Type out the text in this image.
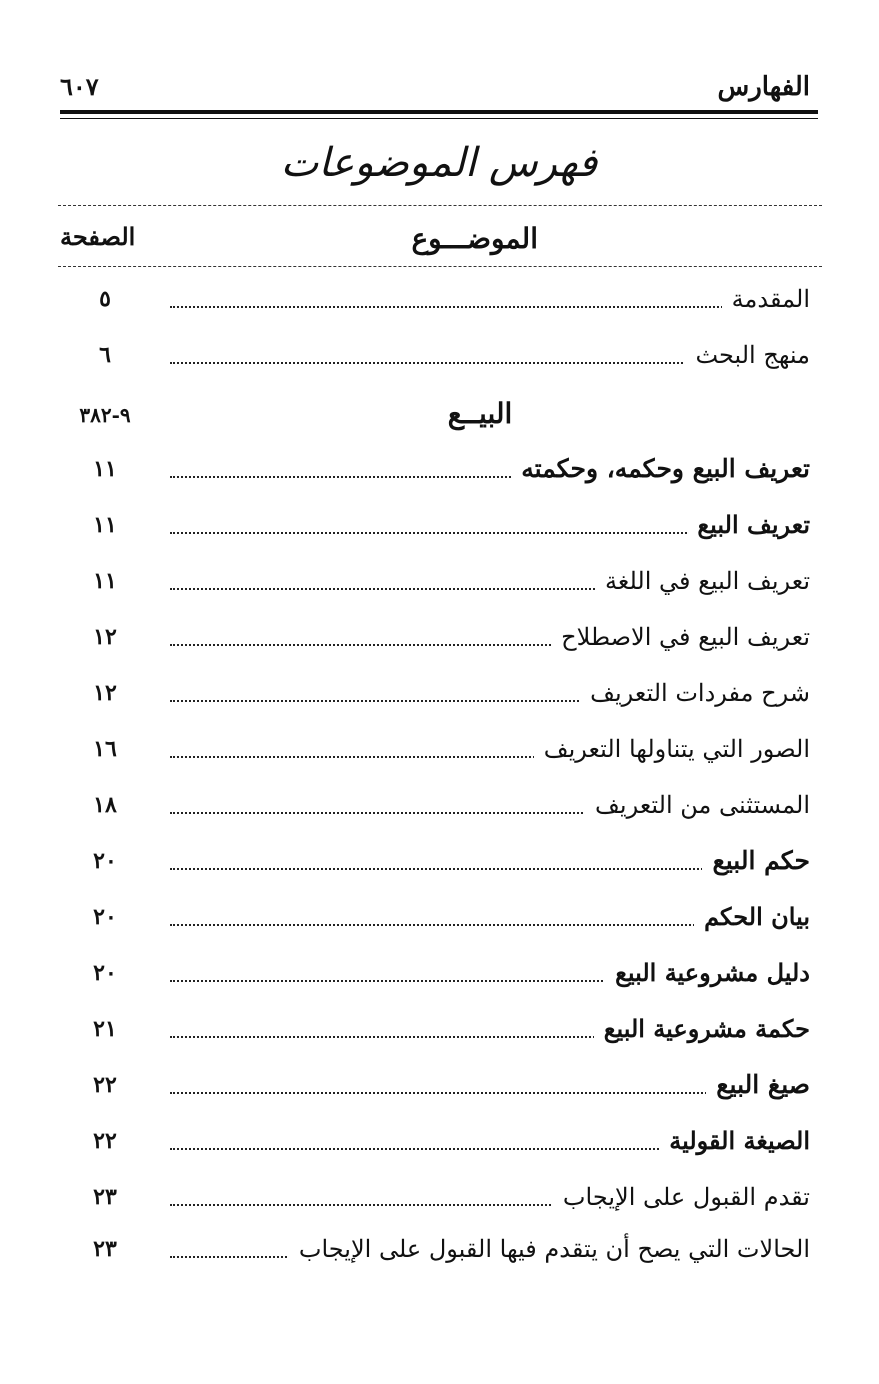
الفهارس
٦٠٧
فهرس الموضوعات
الموضـــوع
الصفحة
المقدمة
٥
منهج البحث
٦
البيــع
٩-٣٨٢
تعريف البيع وحكمه، وحكمته
١١
تعريف البيع
١١
تعريف البيع في اللغة
١١
تعريف البيع في الاصطلاح
١٢
شرح مفردات التعريف
١٢
الصور التي يتناولها التعريف
١٦
المستثنى من التعريف
١٨
حكم البيع
٢٠
بيان الحكم
٢٠
دليل مشروعية البيع
٢٠
حكمة مشروعية البيع
٢١
صيغ البيع
٢٢
الصيغة القولية
٢٢
تقدم القبول على الإيجاب
٢٣
الحالات التي يصح أن يتقدم فيها القبول على الإيجاب
٢٣
